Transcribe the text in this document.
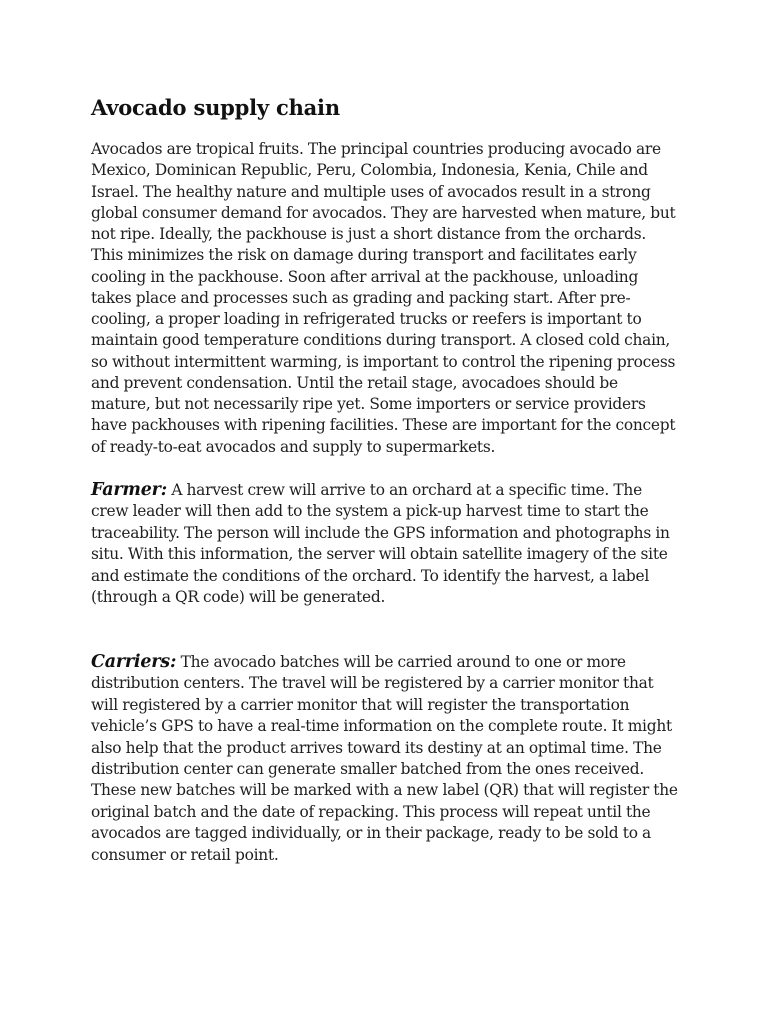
Avocado supply chain

Avocados are tropical fruits. The principal countries producing avocado are Mexico, Dominican Republic, Peru, Colombia, Indonesia, Kenia, Chile and Israel. The healthy nature and multiple uses of avocados result in a strong global consumer demand for avocados. They are harvested when mature, but not ripe. Ideally, the packhouse is just a short distance from the orchards. This minimizes the risk on damage during transport and facilitates early cooling in the packhouse. Soon after arrival at the packhouse, unloading takes place and processes such as grading and packing start. After pre-cooling, a proper loading in refrigerated trucks or reefers is important to maintain good temperature conditions during transport. A closed cold chain, so without intermittent warming, is important to control the ripening process and prevent condensation. Until the retail stage, avocadoes should be mature, but not necessarily ripe yet. Some importers or service providers have packhouses with ripening facilities. These are important for the concept of ready-to-eat avocados and supply to supermarkets.

Farmer: A harvest crew will arrive to an orchard at a specific time. The crew leader will then add to the system a pick-up harvest time to start the traceability. The person will include the GPS information and photographs in situ. With this information, the server will obtain satellite imagery of the site and estimate the conditions of the orchard. To identify the harvest, a label (through a QR code) will be generated.

Carriers: The avocado batches will be carried around to one or more distribution centers. The travel will be registered by a carrier monitor that will registered by a carrier monitor that will register the transportation vehicle’s GPS to have a real-time information on the complete route. It might also help that the product arrives toward its destiny at an optimal time. The distribution center can generate smaller batched from the ones received. These new batches will be marked with a new label (QR) that will register the original batch and the date of repacking. This process will repeat until the avocados are tagged individually, or in their package, ready to be sold to a consumer or retail point.
